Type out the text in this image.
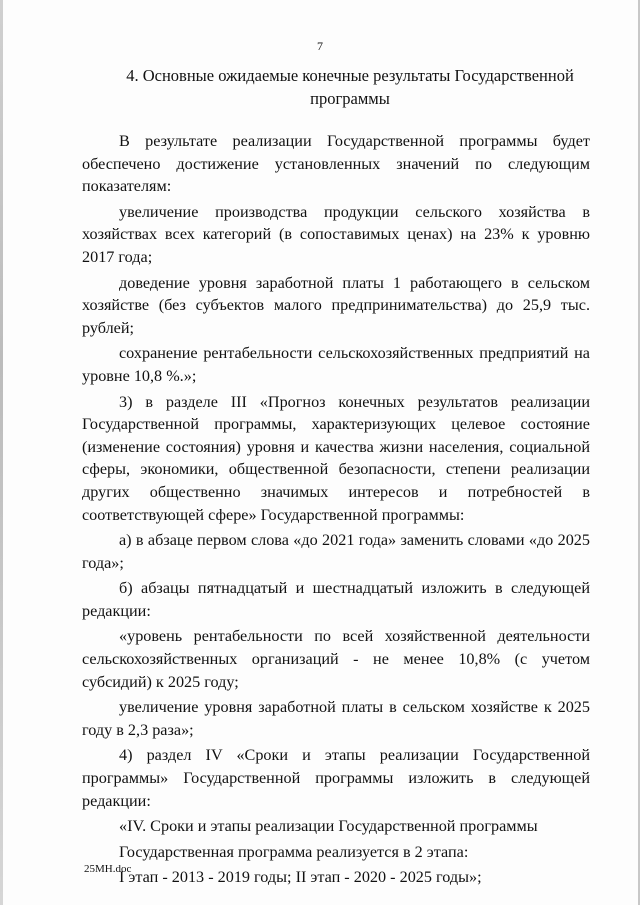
7
4. Основные ожидаемые конечные результаты Государственной
программы

В результате реализации Государственной программы будет обеспечено достижение установленных значений по следующим показателям:

увеличение производства продукции сельского хозяйства в хозяйствах всех категорий (в сопоставимых ценах) на 23% к уровню 2017 года;

доведение уровня заработной платы 1 работающего в сельском хозяйстве (без субъектов малого предпринимательства) до 25,9 тыс. рублей;

сохранение рентабельности сельскохозяйственных предприятий на уровне 10,8 %.»;

3) в разделе III «Прогноз конечных результатов реализации Государственной программы, характеризующих целевое состояние (изменение состояния) уровня и качества жизни населения, социальной сферы, экономики, общественной безопасности, степени реализации других общественно значимых интересов и потребностей в соответствующей сфере» Государственной программы:

а) в абзаце первом слова «до 2021 года» заменить словами «до 2025 года»;

б) абзацы пятнадцатый и шестнадцатый изложить в следующей редакции:

«уровень рентабельности по всей хозяйственной деятельности сельскохозяйственных организаций - не менее 10,8% (с учетом субсидий) к 2025 году;

увеличение уровня заработной платы в сельском хозяйстве к 2025 году в 2,3 раза»;

4) раздел IV «Сроки и этапы реализации Государственной программы» Государственной программы изложить в следующей редакции:

«IV. Сроки и этапы реализации Государственной программы

Государственная программа реализуется в 2 этапа:

I этап - 2013 - 2019 годы; II этап - 2020 - 2025 годы»;

25МН.doc
